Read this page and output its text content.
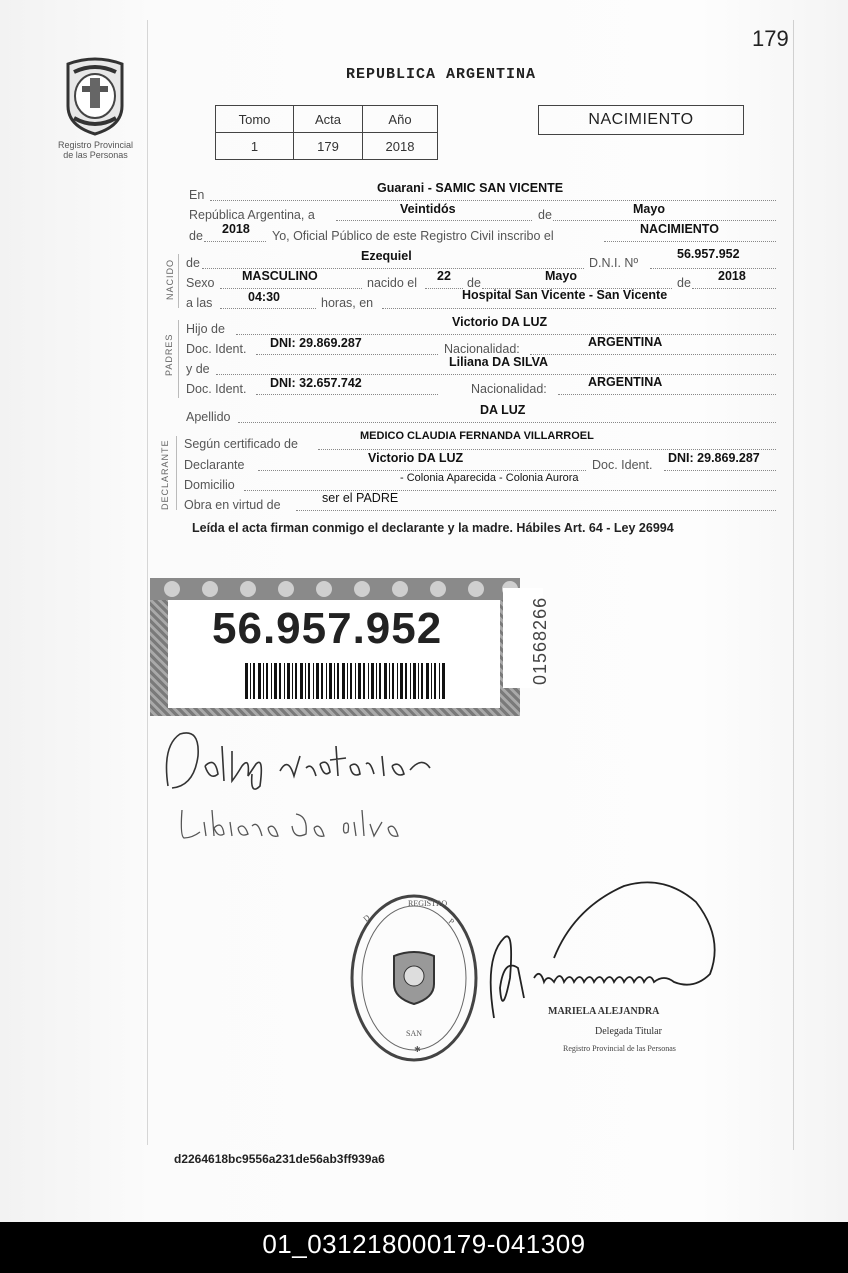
179
Registro Provincial
de las Personas
REPUBLICA ARGENTINA
Tomo	Acta	Año
1	179	2018
NACIMIENTO
NACIDO
PADRES
DECLARANTE
En	Guarani - SAMIC SAN VICENTE
República Argentina, a	Veintidós	de	Mayo
de 2018 Yo, Oficial Público de este Registro Civil inscribo el	NACIMIENTO
de	Ezequiel	D.N.I. Nº
56.957.952
Sexo MASCULINO	nacido el 22 de	Mayo	de 2018
a las	04:30	horas, en
Hospital San Vicente - San Vicente
Hijo de	Victorio DA LUZ
Doc. Ident. DNI: 29.869.287	Nacionalidad:	ARGENTINA
y de	Liliana DA SILVA
Doc. Ident. DNI: 32.657.742	Nacionalidad:	ARGENTINA
Apellido	DA LUZ
Según certificado de
MEDICO CLAUDIA FERNANDA VILLARROEL
Declarante	Victorio DA LUZ	Doc. Ident. DNI: 29.869.287
Domicilio	- Colonia Aparecida - Colonia Aurora
Obra en virtud de	ser el PADRE
Leída el acta firman conmigo el declarante y la madre. Hábiles Art. 64 - Ley 26994
56.957.952	01568266
D
REGISTRO
P
SAN
✱
MARIELA ALEJANDRA
Delegada Titular
Registro Provincial de las Personas
d2264618bc9556a231de56ab3ff939a6
01_031218000179-041309
